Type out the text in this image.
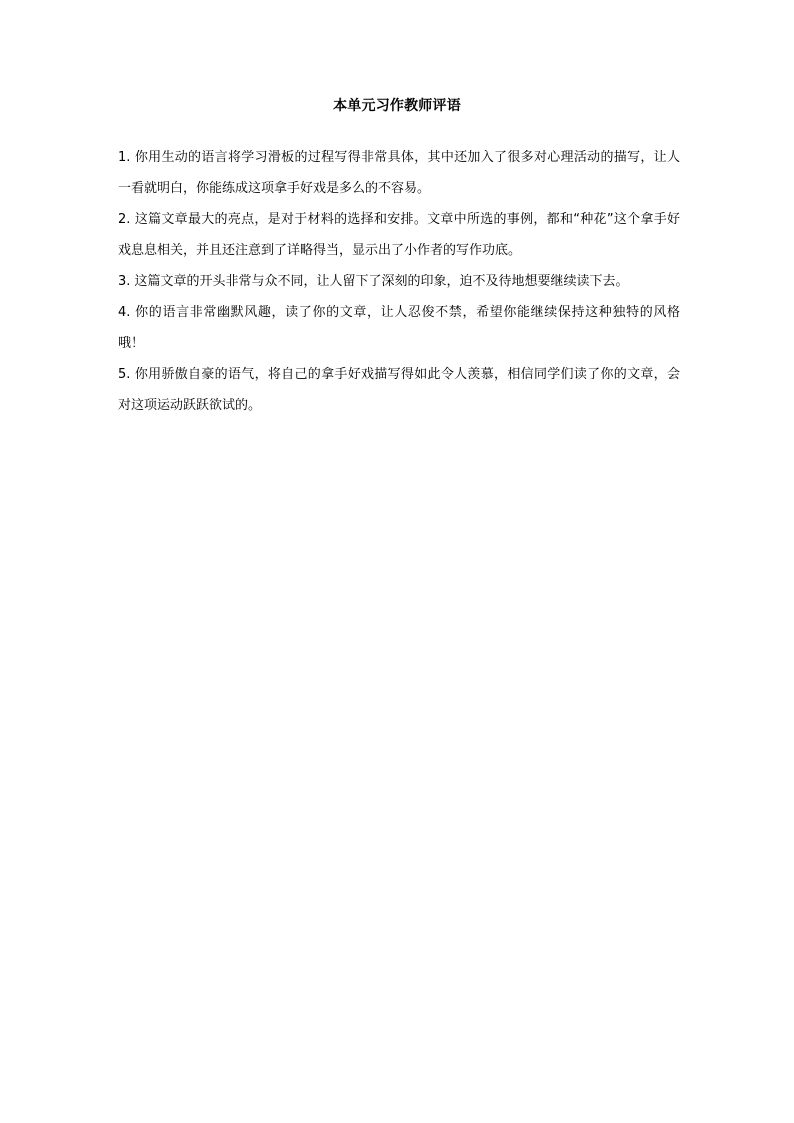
本单元习作教师评语

1. 你用生动的语言将学习滑板的过程写得非常具体，其中还加入了很多对心理活动的描写，让人一看就明白，你能练成这项拿手好戏是多么的不容易。

2. 这篇文章最大的亮点，是对于材料的选择和安排。文章中所选的事例，都和“种花”这个拿手好戏息息相关，并且还注意到了详略得当，显示出了小作者的写作功底。

3. 这篇文章的开头非常与众不同，让人留下了深刻的印象，迫不及待地想要继续读下去。

4. 你的语言非常幽默风趣，读了你的文章，让人忍俊不禁，希望你能继续保持这种独特的风格哦！

5. 你用骄傲自豪的语气，将自己的拿手好戏描写得如此令人羡慕，相信同学们读了你的文章，会对这项运动跃跃欲试的。
